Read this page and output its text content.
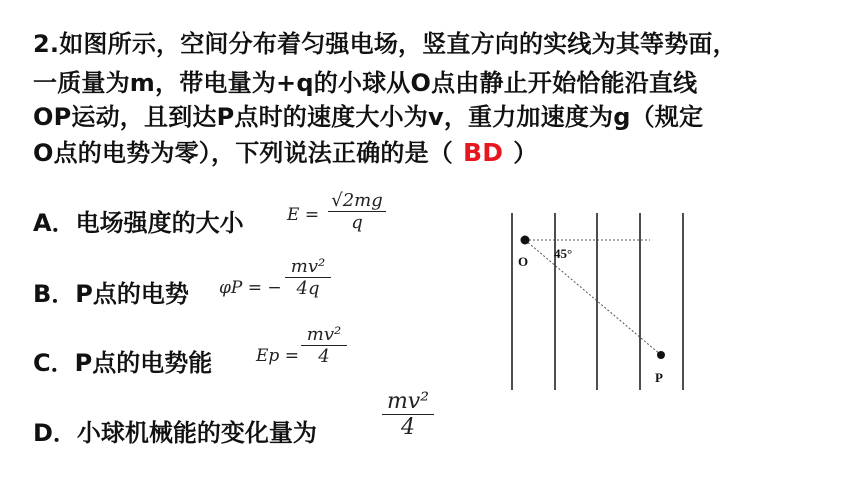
2.如图所示，空间分布着匀强电场，竖直方向的实线为其等势面，
一质量为m，带电量为+q的小球从O点由静止开始恰能沿直线
OP运动，且到达P点时的速度大小为v，重力加速度为g（规定
O点的电势为零），下列说法正确的是（ BD ）
A．电场强度的大小	E =
√2mg
q
B．P点的电势 φP = −
mv²
4q
C．P点的电势能	Ep =
mv²
4
D．小球机械能的变化量为
mv²
4
O
P
45°
